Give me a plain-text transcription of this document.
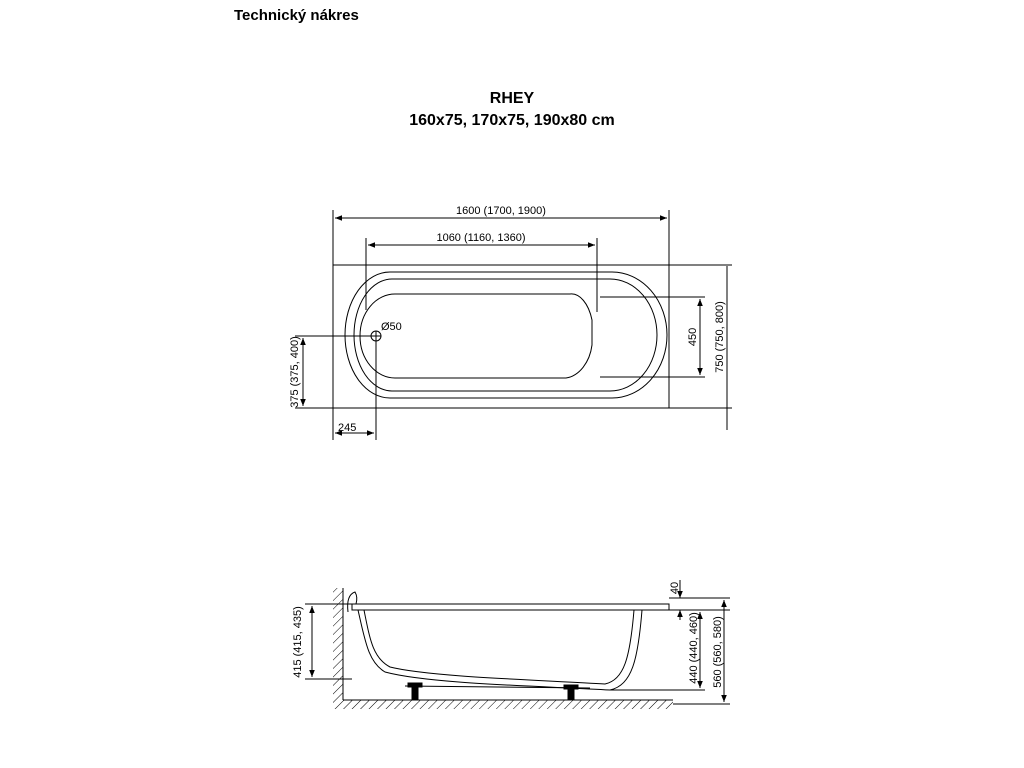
Technický nákres
RHEY
160x75, 170x75, 190x80 cm
1600 (1700, 1900)
1060 (1160, 1360)
Ø50
245
375 (375, 400)	450 750 (750, 800)
415 (415, 435)
40
440 (440, 460) 560 (560, 580)
